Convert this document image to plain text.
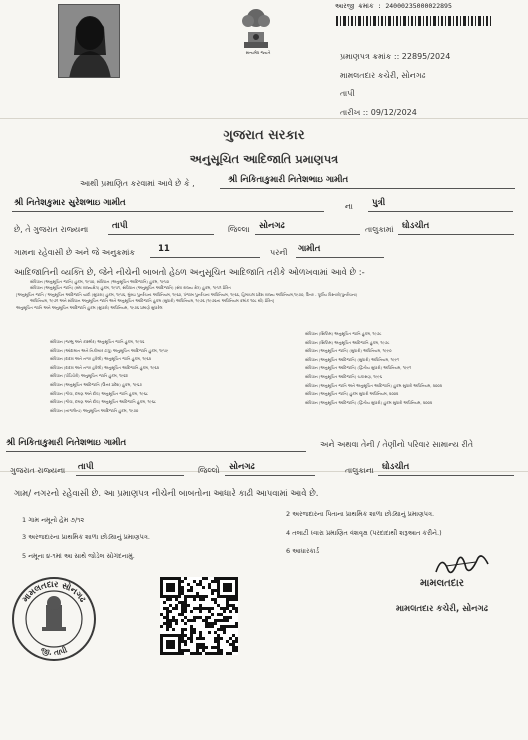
સત્યમેવ જયતે
આરજી ક્રમાંક : 24000235000022895
પ્રમાણપત્ર ક્રમાંક :: 22895/2024
મામલતદાર કચેરી, સોનગઢ
તાપી
તારીખ :: 09/12/2024
ગુજરાત સરકાર
અનુસૂચિત આદિજાતિ પ્રમાણપત્ર
આથી પ્રમાણિત કરવામાં આવે છે કે ,	શ્રી નિકિતાકુમારી નિતેશભાઇ ગામીત
શ્રી નિતેશકુમાર સુરેશભાઇ ગામીત	ના પુત્રી
છે, તે ગુજરાત રાજ્યના	તાપી	જિલ્લા સોનગઢ	તાલુકામાં ઘોડચીત
ગામના રહેવાસી છે અને જે અનુક્રમાંક	11	પરની ગામીત
આદિજાતિની વ્યક્તિ છે, જેને નીચેની બાબતો હેઠળ અનુસૂચિત આદિજાતિ તરીકે ઓળખવામાં આવે છે :-
સંવિધાન (અનુસૂચિત જાતિ) હુકમ, ૧૯૫૦, સંવિધાન (અનુસૂચિત આદિજાતિ) હુકમ, ૧૯૫૦
સંવિધાન (અનુસૂચિત જાતિ) (સંઘ રાજ્યક્ષેત્ર) હુકમ, ૧૯૫૧, સંવિધાન (અનુસૂચિત આદિજાતિ) (સંઘ રાજ્ય ક્ષેત્ર) હુકમ, ૧૯૫૧ પ્રેરિત
[અનુસૂચિત જાતિ / અનુસૂચિત આદિજાતિ યાદી (સુધારા) હુકમ, ૧૯૫૬, મુંબઇ પુનર્રચના અધિનિયમ, ૧૯૬૦, પંજાબ પુનર્રચના અધિનિયમ, ૧૯૬૬, હિમાચલ પ્રદેશ રાજ્ય અધિનિયમ,૧૯૭૦, ઉત્તર - પૂર્વીય વિસ્તારો(પુનર્રચના)
અધિનિયમ, ૧૯૭૧ અને સંવિધાન અનુસૂચિત જાતિ અને અનુસૂચિત આદિજાતિ હુકમ (સુધારો) અધિનિયમ, ૧૯૭૬ (૧૯૭૬ના અધિનિયમ ક્રમાંક ૧૦૮ થી) પ્રેરિત]
અનુસૂચિત જાતિ અને અનુસૂચિત આદિજાતિ હુકમ (સુધારો) અધિનિયમ, ૧૯૭૬ પ્રમાણે સુધારેલ
સંવિધાન (જમ્મુ અને કાશ્મીર) અનુસૂચિત જાતિ હુકમ, ૧૯૫૬
સંવિધાન (આંદામાન અને નિકોબાર ટાપુ) અનુસૂચિત આદિજાતિ હુકમ, ૧૯૫૯
સંવિધાન (દાદરા અને નગર હવેલી) અનુસૂચિત જાતિ હુકમ, ૧૯૬૨
સંવિધાન (દાદરા અને નગર હવેલી) અનુસૂચિત આદિજાતિ હુકમ, ૧૯૬૨
સંવિધાન (પોંડિચેરી) અનુસૂચિત જાતિ હુકમ, ૧૯૬૪
સંવિધાન (અનુસૂચિત આદિજાતિ (ઉત્તર પ્રદેશ) હુકમ, ૧૯૬૭
સંવિધાન (ગોવા, દમણ અને દીવ) અનુસૂચિત જાતિ હુકમ, ૧૯૬૮
સંવિધાન (ગોવા, દમણ અને દીવ) અનુસૂચિત આદિજાતિ હુકમ, ૧૯૬૮
સંવિધાન (નાગાલેન્ડ) અનુસૂચિત આદિજાતિ હુકમ, ૧૯૭૦
સંવિધાન (સિક્કિમ) અનુસૂચિત જાતિ હુકમ, ૧૯૭૮
સંવિધાન (સિક્કિમ) અનુસૂચિત આદિજાતિ હુકમ, ૧૯૭૮
સંવિધાન (અનુસૂચિત જાતિ) (સુધારો) અધિનિયમ, ૧૯૯૦
સંવિધાન (અનુસૂચિત આદિજાતિ) (સુધારો) અધિનિયમ, ૧૯૯૧
સંવિધાન (અનુસૂચિત આદિજાતિ) (દ્વિતીય સુધારો) અધિનિયમ, ૧૯૯૧
સંવિધાન (અનુસૂચિત આદિજાતિ) ચકાસણ, ૧૯૯૬
સંવિધાન (અનુસૂચિત જાતિ અને અનુસૂચિત આદિજાતિ) હુકમ સુધારો અધિનિયમ, ૨૦૦૨
સંવિધાન (અનુસૂચિત જાતિ) હુકમ સુધારો અધિનિયમ, ૨૦૦૨
સંવિધાન (અનુસૂચિત આદિજાતિ) (દ્વિતીય સુધારો) હુકમ સુધારો અધિનિયમ, ૨૦૦૨
શ્રી નિકિતાકુમારી નિતેશભાઇ ગામીત	અને અથવા તેની / તેણીનો પરિવાર સામાન્ય રીતે
ગુજરાત રાજ્યના તાપી	જિલ્લો સોનગઢ	તાલુકાના ઘોડચીત
ગામ/ નગરનો રહેવાસી છે. આ પ્રમાણપત્ર નીચેની બાબતોના આધારે કાઢી આપવામાં આવે છે.
1 ગામ નમૂનો હેમ ૭/૧૨
2 અરજદારના પિતાના પ્રાથમિક શાળા છોડ્યાનું પ્રમાણપત્ર.
3 અરજદારના પ્રાથમિક શાળા છોડ્યાનું પ્રમાણપત્ર.	4 તલાટી ધ્વારા પ્રમાણિત વંશવૃક્ષ (પરદાદાથી શરૂઆત કરીને.)
5 નમૂના ૪-૧માં આ સાથે જોડેલ સોગંદનામું.
6 આધારકાર્ડ
મામલતદાર સોનગઢ
જી. તાપી
મામલતદાર
મામલતદાર કચેરી, સોનગઢ
